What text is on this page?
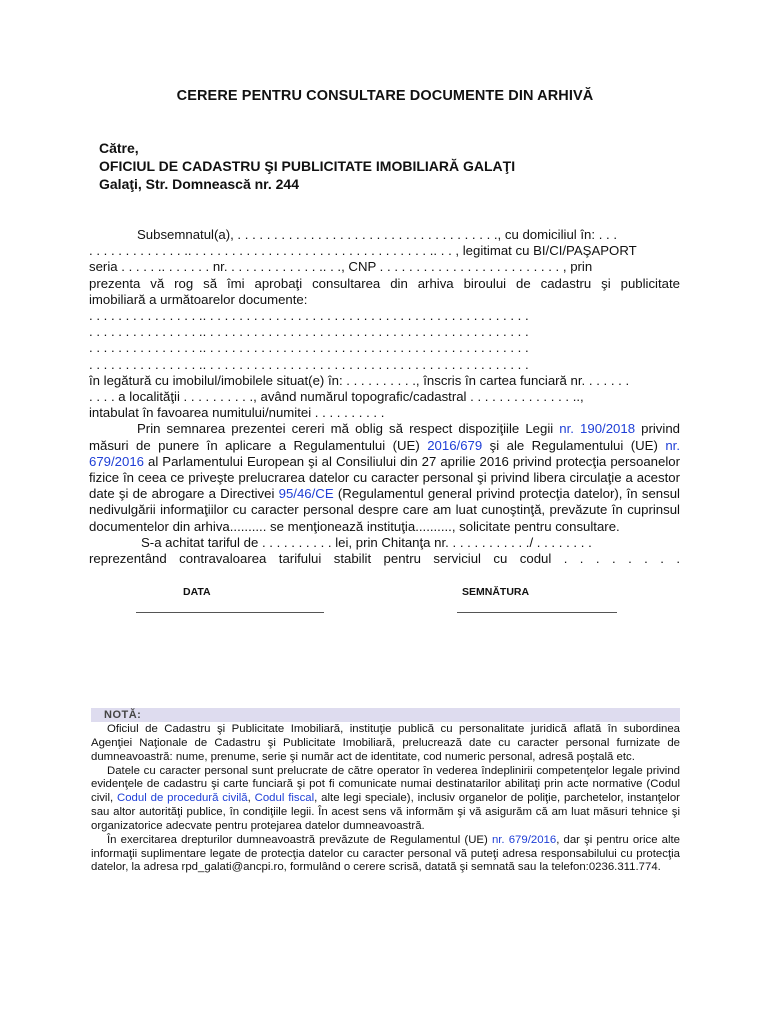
CERERE PENTRU CONSULTARE DOCUMENTE DIN ARHIVĂ
Către,
OFICIUL DE CADASTRU ŞI PUBLICITATE IMOBILIARĂ GALAŢI
Galaţi, Str. Domnească nr. 244
Subsemnatul(a), . . . . . . . . . . . . . . . . . . . . . . . . . . . . . . . . . . . ., cu domiciliul în: . . .
. . . . . . . . . . . . . .. . . . . . . . . . . . . . . . . . . . . . . . . . . . . . . . . .. . . , legitimat cu BI/CI/PAŞAPORT
seria . . . . . .. . . . . . . nr. . . . . . . . . . . . . .. . ., CNP . . . . . . . . . . . . . . . . . . . . . . . . . , prin
prezenta vă rog să îmi aprobaţi consultarea din arhiva biroului de cadastru şi publicitate
imobiliară a următoarelor documente:
. . . . . . . . . . . . . . . .. . . . . . . . . . . . . . . . . . . . . . . . . . . . . . . . . . . . . . . . . . . . .
. . . . . . . . . . . . . . . .. . . . . . . . . . . . . . . . . . . . . . . . . . . . . . . . . . . . . . . . . . . . .
. . . . . . . . . . . . . . . .. . . . . . . . . . . . . . . . . . . . . . . . . . . . . . . . . . . . . . . . . . . . .
. . . . . . . . . . . . . . . .. . . . . . . . . . . . . . . . . . . . . . . . . . . . . . . . . . . . . . . . . . . . .
în legătură cu imobilul/imobilele situat(e) în: . . . . . . . . . ., înscris în cartea funciară nr. . . . . . .
. . . . a localităţii . . . . . . . . . ., având numărul topografic/cadastral . . . . . . . . . . . . . . ..,
intabulat în favoarea numitului/numitei . . . . . . . . . .

Prin semnarea prezentei cereri mă oblig să respect dispoziţiile Legii nr. 190/2018 privind măsuri de punere în aplicare a Regulamentului (UE) 2016/679 şi ale Regulamentului (UE) nr. 679/2016 al Parlamentului European şi al Consiliului din 27 aprilie 2016 privind protecţia persoanelor fizice în ceea ce priveşte prelucrarea datelor cu caracter personal şi privind libera circulaţie a acestor date şi de abrogare a Directivei 95/46/CE (Regulamentul general privind protecţia datelor), în sensul nedivulgării informaţiilor cu caracter personal despre care am luat cunoştinţă, prevăzute în cuprinsul documentelor din arhiva.......... se menţionează instituţia.........., solicitate pentru consultare.

S-a achitat tariful de . . . . . . . . . . lei, prin Chitanţa nr. . . . . . . . . . . ./ . . . . . . . .
reprezentând contravaloarea tarifului stabilit pentru serviciul cu codul . . . . . . . .
DATA	SEMNĂTURA
NOTĂ:

Oficiul de Cadastru şi Publicitate Imobiliară, instituţie publică cu personalitate juridică aflată în subordinea Agenţiei Naţionale de Cadastru şi Publicitate Imobiliară, prelucrează date cu caracter personal furnizate de dumneavoastră: nume, prenume, serie şi număr act de identitate, cod numeric personal, adresă poştală etc.

Datele cu caracter personal sunt prelucrate de către operator în vederea îndeplinirii competenţelor legale privind evidenţele de cadastru şi carte funciară şi pot fi comunicate numai destinatarilor abilitaţi prin acte normative (Codul civil, Codul de procedură civilă, Codul fiscal, alte legi speciale), inclusiv organelor de poliţie, parchetelor, instanţelor sau altor autorităţi publice, în condiţiile legii. În acest sens vă informăm şi vă asigurăm că am luat măsuri tehnice şi organizatorice adecvate pentru protejarea datelor dumneavoastră.

În exercitarea drepturilor dumneavoastră prevăzute de Regulamentul (UE) nr. 679/2016, dar şi pentru orice alte informaţii suplimentare legate de protecţia datelor cu caracter personal vă puteţi adresa responsabilului cu protecţia datelor, la adresa rpd_galati@ancpi.ro, formulând o cerere scrisă, datată şi semnată sau la telefon:0236.311.774.
